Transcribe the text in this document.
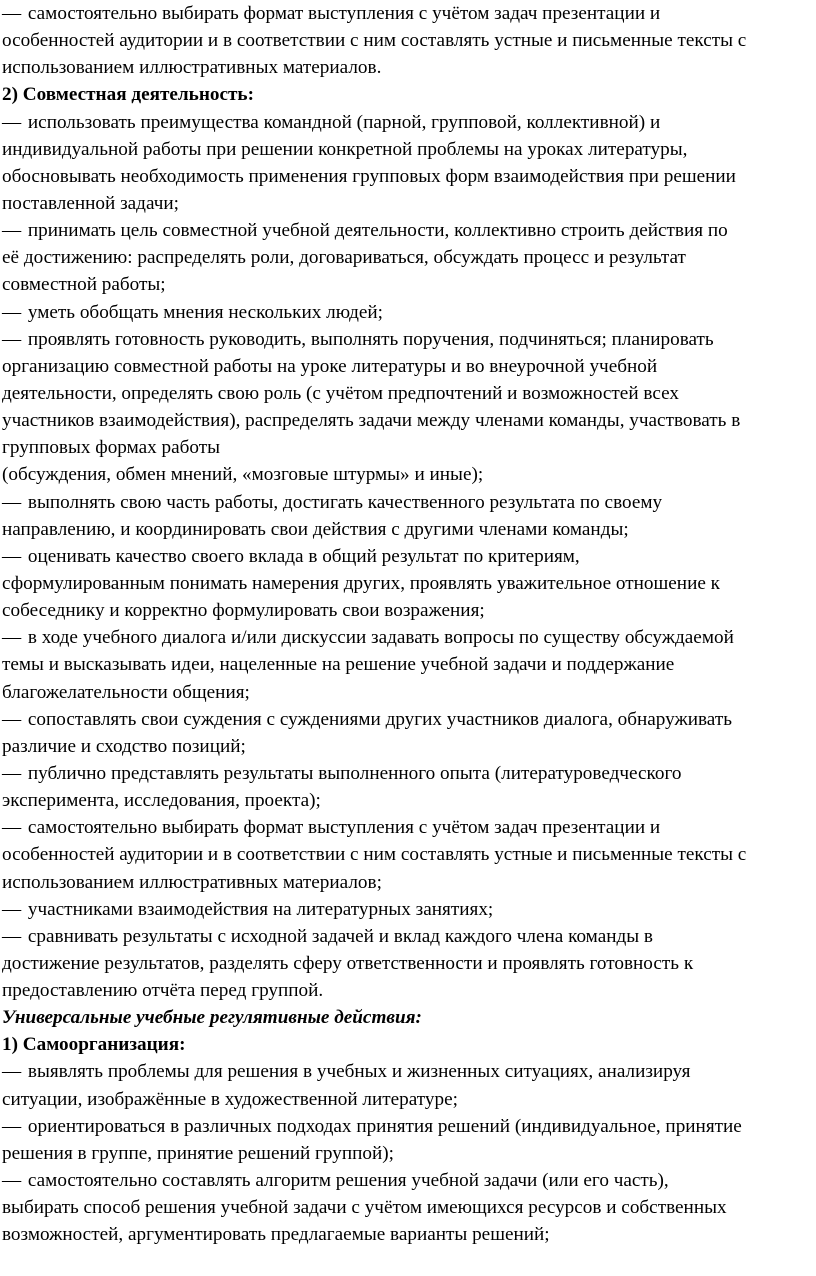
— самостоятельно выбирать формат выступления с учётом задач презентации и
особенностей аудитории и в соответствии с ним составлять устные и письменные тексты с
использованием иллюстративных материалов.
2) Совместная деятельность:
— использовать преимущества командной (парной, групповой, коллективной) и
индивидуальной работы при решении конкретной проблемы на уроках литературы,
обосновывать необходимость применения групповых форм взаимодействия при решении
поставленной задачи;
— принимать цель совместной учебной деятельности, коллективно строить действия по
её достижению: распределять роли, договариваться, обсуждать процесс и результат
совместной работы;
— уметь обобщать мнения нескольких людей;
— проявлять готовность руководить, выполнять поручения, подчиняться; планировать
организацию совместной работы на уроке литературы и во внеурочной учебной
деятельности, определять свою роль (с учётом предпочтений и возможностей всех
участников взаимодействия), распределять задачи между членами команды, участвовать в
групповых формах работы
(обсуждения, обмен мнений, «мозговые штурмы» и иные);
— выполнять свою часть работы, достигать качественного результата по своему
направлению, и координировать свои действия с другими членами команды;
— оценивать качество своего вклада в общий результат по критериям,
сформулированным понимать намерения других, проявлять уважительное отношение к
собеседнику и корректно формулировать свои возражения;
— в ходе учебного диалога и/или дискуссии задавать вопросы по существу обсуждаемой
темы и высказывать идеи, нацеленные на решение учебной задачи и поддержание
благожелательности общения;
— сопоставлять свои суждения с суждениями других участников диалога, обнаруживать
различие и сходство позиций;
— публично представлять результаты выполненного опыта (литературоведческого
эксперимента, исследования, проекта);
— самостоятельно выбирать формат выступления с учётом задач презентации и
особенностей аудитории и в соответствии с ним составлять устные и письменные тексты с
использованием иллюстративных материалов;
— участниками взаимодействия на литературных занятиях;
— сравнивать результаты с исходной задачей и вклад каждого члена команды в
достижение результатов, разделять сферу ответственности и проявлять готовность к
предоставлению отчёта перед группой.
Универсальные учебные регулятивные действия:
1) Самоорганизация:
— выявлять проблемы для решения в учебных и жизненных ситуациях, анализируя
ситуации, изображённые в художественной литературе;
— ориентироваться в различных подходах принятия решений (индивидуальное, принятие
решения в группе, принятие решений группой);
— самостоятельно составлять алгоритм решения учебной задачи (или его часть),
выбирать способ решения учебной задачи с учётом имеющихся ресурсов и собственных
возможностей, аргументировать предлагаемые варианты решений;
